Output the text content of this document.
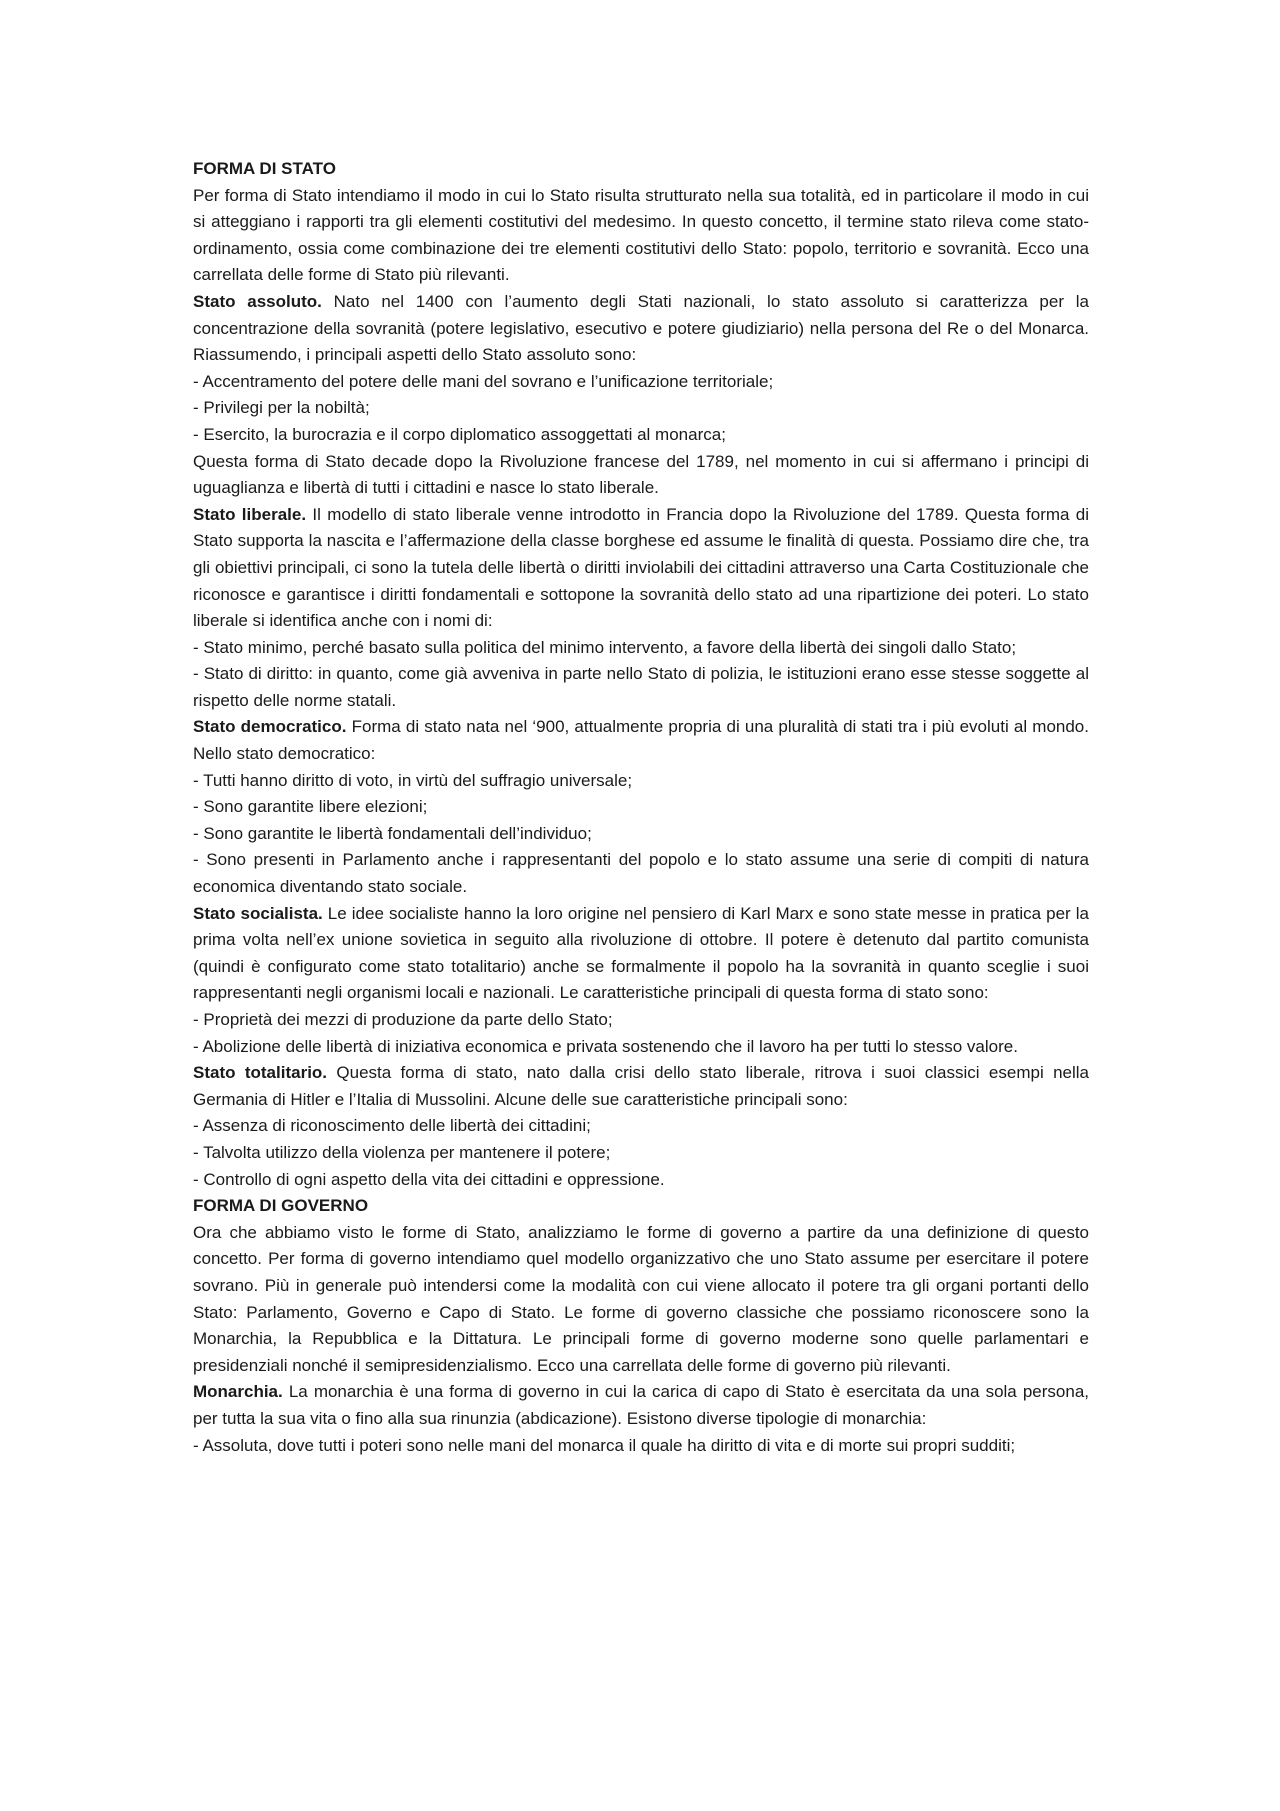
FORMA DI STATO

Per forma di Stato intendiamo il modo in cui lo Stato risulta strutturato nella sua totalità, ed in particolare il modo in cui si atteggiano i rapporti tra gli elementi costitutivi del medesimo. In questo concetto, il termine stato rileva come stato-ordinamento, ossia come combinazione dei tre elementi costitutivi dello Stato: popolo, territorio e sovranità. Ecco una carrellata delle forme di Stato più rilevanti.

Stato assoluto. Nato nel 1400 con l’aumento degli Stati nazionali, lo stato assoluto si caratterizza per la concentrazione della sovranità (potere legislativo, esecutivo e potere giudiziario) nella persona del Re o del Monarca. Riassumendo, i principali aspetti dello Stato assoluto sono:

- Accentramento del potere delle mani del sovrano e l’unificazione territoriale;

- Privilegi per la nobiltà;

- Esercito, la burocrazia e il corpo diplomatico assoggettati al monarca;

Questa forma di Stato decade dopo la Rivoluzione francese del 1789, nel momento in cui si affermano i principi di uguaglianza e libertà di tutti i cittadini e nasce lo stato liberale.

Stato liberale. Il modello di stato liberale venne introdotto in Francia dopo la Rivoluzione del 1789. Questa forma di Stato supporta la nascita e l’affermazione della classe borghese ed assume le finalità di questa. Possiamo dire che, tra gli obiettivi principali, ci sono la tutela delle libertà o diritti inviolabili dei cittadini attraverso una Carta Costituzionale che riconosce e garantisce i diritti fondamentali e sottopone la sovranità dello stato ad una ripartizione dei poteri. Lo stato liberale si identifica anche con i nomi di:

- Stato minimo, perché basato sulla politica del minimo intervento, a favore della libertà dei singoli dallo Stato;

- Stato di diritto: in quanto, come già avveniva in parte nello Stato di polizia, le istituzioni erano esse stesse soggette al rispetto delle norme statali.

Stato democratico. Forma di stato nata nel ‘900, attualmente propria di una pluralità di stati tra i più evoluti al mondo. Nello stato democratico:

- Tutti hanno diritto di voto, in virtù del suffragio universale;

- Sono garantite libere elezioni;

- Sono garantite le libertà fondamentali dell’individuo;

- Sono presenti in Parlamento anche i rappresentanti del popolo e lo stato assume una serie di compiti di natura economica diventando stato sociale.

Stato socialista. Le idee socialiste hanno la loro origine nel pensiero di Karl Marx e sono state messe in pratica per la prima volta nell’ex unione sovietica in seguito alla rivoluzione di ottobre. Il potere è detenuto dal partito comunista (quindi è configurato come stato totalitario) anche se formalmente il popolo ha la sovranità in quanto sceglie i suoi rappresentanti negli organismi locali e nazionali. Le caratteristiche principali di questa forma di stato sono:

- Proprietà dei mezzi di produzione da parte dello Stato;

- Abolizione delle libertà di iniziativa economica e privata sostenendo che il lavoro ha per tutti lo stesso valore.

Stato totalitario. Questa forma di stato, nato dalla crisi dello stato liberale, ritrova i suoi classici esempi nella Germania di Hitler e l’Italia di Mussolini. Alcune delle sue caratteristiche principali sono:

- Assenza di riconoscimento delle libertà dei cittadini;

- Talvolta utilizzo della violenza per mantenere il potere;

- Controllo di ogni aspetto della vita dei cittadini e oppressione.

FORMA DI GOVERNO

Ora che abbiamo visto le forme di Stato, analizziamo le forme di governo a partire da una definizione di questo concetto. Per forma di governo intendiamo quel modello organizzativo che uno Stato assume per esercitare il potere sovrano. Più in generale può intendersi come la modalità con cui viene allocato il potere tra gli organi portanti dello Stato: Parlamento, Governo e Capo di Stato. Le forme di governo classiche che possiamo riconoscere sono la Monarchia, la Repubblica e la Dittatura. Le principali forme di governo moderne sono quelle parlamentari e presidenziali nonché il semipresidenzialismo. Ecco una carrellata delle forme di governo più rilevanti.

Monarchia. La monarchia è una forma di governo in cui la carica di capo di Stato è esercitata da una sola persona, per tutta la sua vita o fino alla sua rinunzia (abdicazione). Esistono diverse tipologie di monarchia:

- Assoluta, dove tutti i poteri sono nelle mani del monarca il quale ha diritto di vita e di morte sui propri sudditi;
